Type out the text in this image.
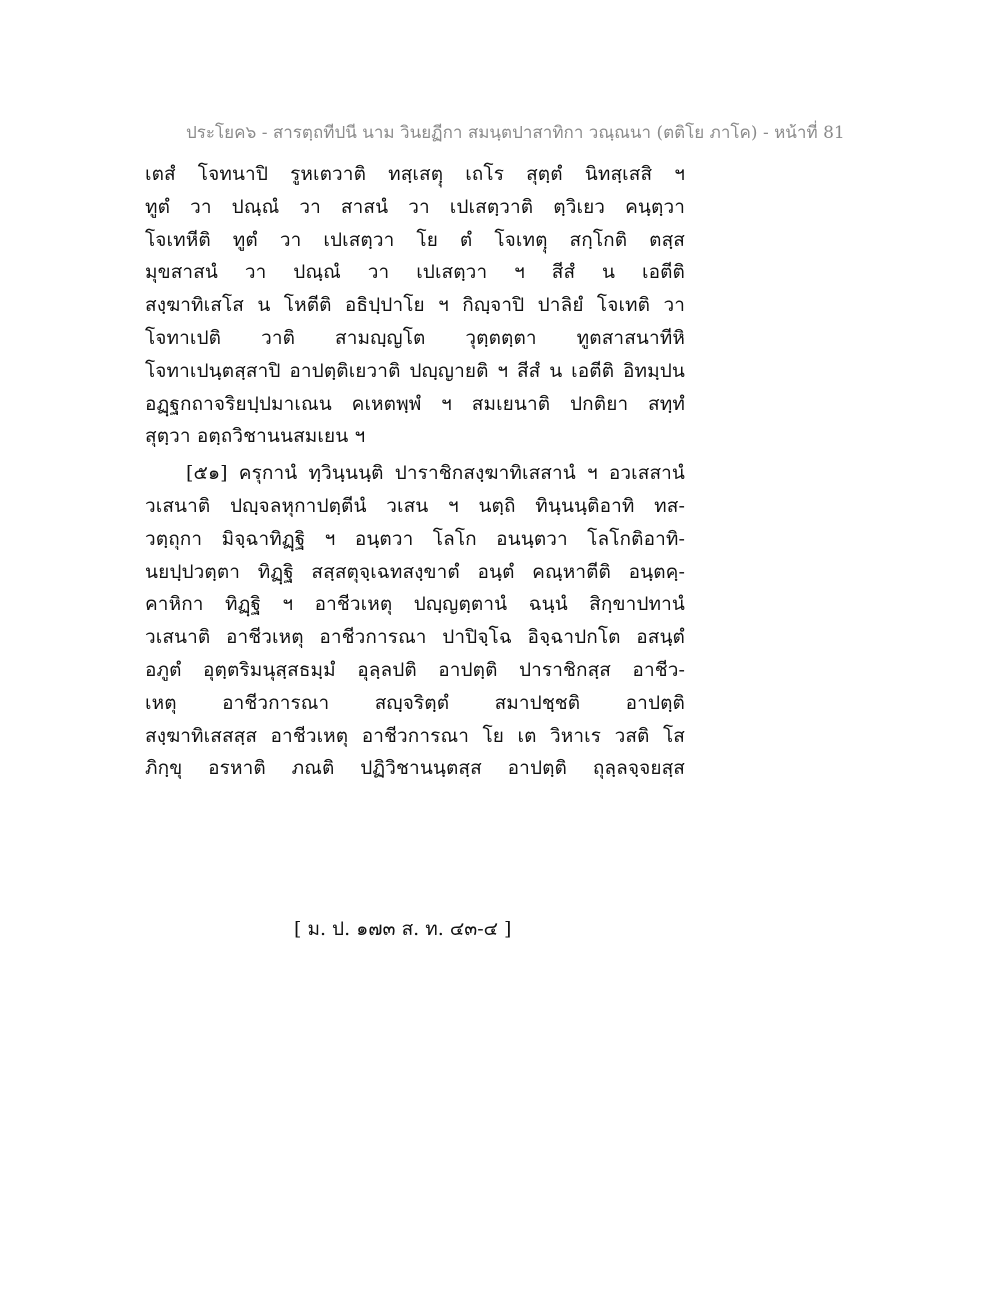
ประโยค๖ - สารตฺถทีปนี นาม วินยฏีกา สมนฺตปาสาทิกา วณฺณนา (ตติโย ภาโค) - หน้าที่ 81
เตสํ โจทนาปิ รูหเตวาติ ทสฺเสตฺุ เถโร สุตฺตํ นิทสฺเสสิ ฯ
ทูตํ วา ปณฺณํ วา สาสนํ วา เปเสตฺวาติ ตฺวิเยว คนฺตฺวา
โจเทหีติ ทูตํ วา เปเสตฺวา โย ตํ โจเทตฺุ สกฺโกติ ตสฺส
มุขสาสนํ วา ปณฺณํ วา เปเสตฺวา ฯ สีสํ น เอตีติ
สงฺฆาทิเสโส น โหตีติ อธิปฺปาโย ฯ กิญฺจาปิ ปาลิยํ โจเทติ วา
โจทาเปติ วาติ สามญฺญโต วุตฺตตฺตา ทูตสาสนาทีหิ
โจทาเปนฺตสฺสาปิ อาปตฺติเยวาติ ปญฺญายติ ฯ สีสํ น เอตีติ อิทมฺปน
อฏฺฐกถาจริยปฺปมาเณน คเหตพฺพํ ฯ สมเยนาติ ปกติยา สทฺทํ
สุตฺวา อตฺถวิชานนสมเยน ฯ
[๕๑] ครุกานํ ทฺวินฺนนฺติ ปาราชิกสงฺฆาทิเสสานํ ฯ อวเสสานํ
วเสนาติ ปญฺจลหุกาปตฺตีนํ วเสน ฯ นตฺถิ ทินฺนนฺติอาทิ ทส-
วตฺถุกา มิจฺฉาทิฏฺฐิ ฯ อนฺตวา โลโก อนนฺตวา โลโกติอาทิ-
นยปฺปวตฺตา ทิฏฺฐิ สสฺสตุจฺเฉทสงฺขาตํ อนฺตํ คณฺหาตีติ อนฺตคฺ-
คาหิกา ทิฏฺฐิ ฯ อาชีวเหตุ ปญฺญตฺตานํ ฉนฺนํ สิกฺขาปทานํ
วเสนาติ อาชีวเหตุ อาชีวการณา ปาปิจฺโฉ อิจฺฉาปกโต อสนฺตํ
อภูตํ อุตฺตริมนุสฺสธมฺมํ อุลฺลปติ อาปตฺติ ปาราชิกสฺส อาชีว-
เหตุ อาชีวการณา สญฺจริตฺตํ สมาปชฺชติ อาปตฺติ
สงฺฆาทิเสสสฺส อาชีวเหตุ อาชีวการณา โย เต วิหาเร วสติ โส
ภิกฺขุ อรหาติ ภณติ ปฏิวิชานนฺตสฺส อาปตฺติ ถุลฺลจฺจยสฺส
[ ม. ป. ๑๗๓ ส. ท. ๔๓-๔ ]
